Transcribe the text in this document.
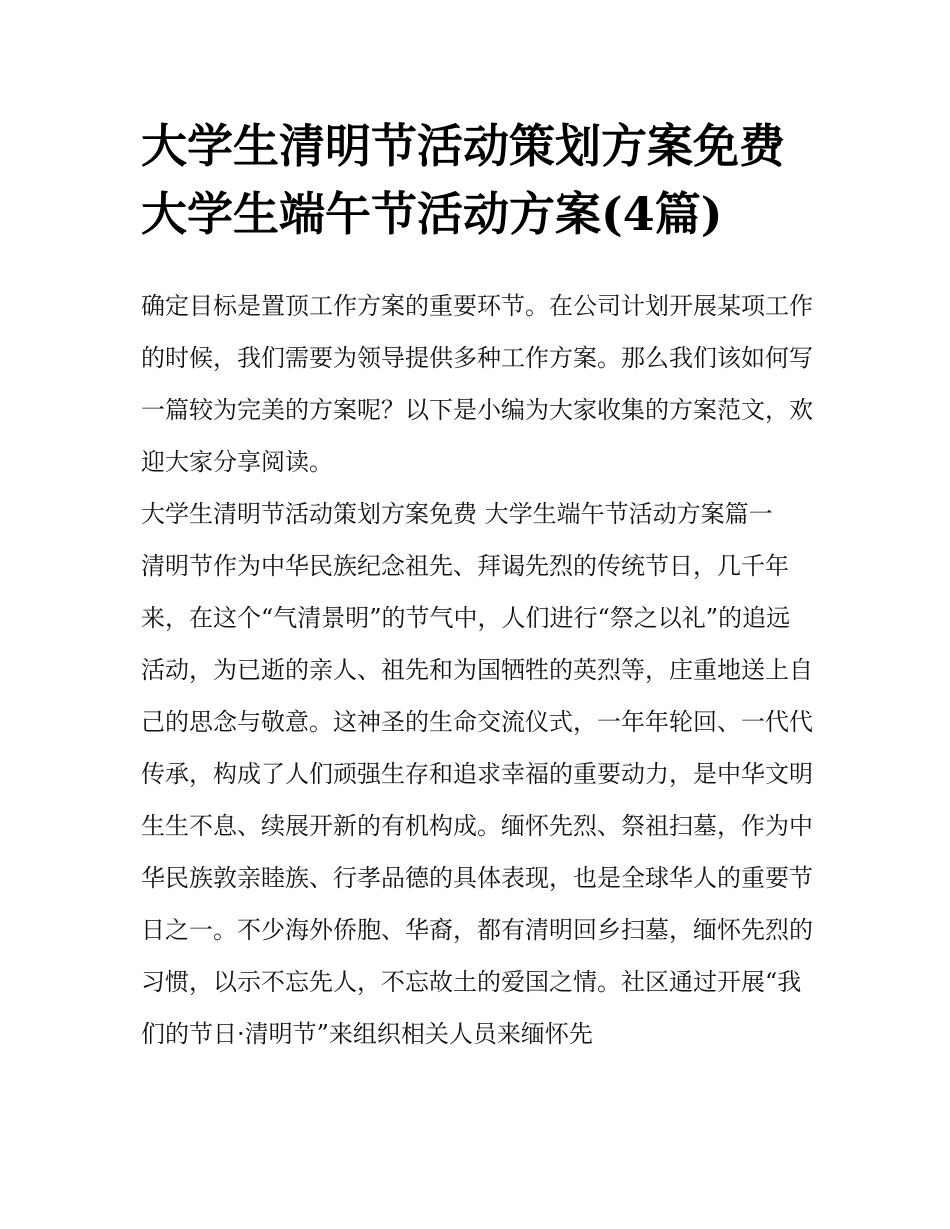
大学生清明节活动策划方案免费 大学生端午节活动方案(4篇)

确定目标是置顶工作方案的重要环节。在公司计划开展某项工作的时候，我们需要为领导提供多种工作方案。那么我们该如何写一篇较为完美的方案呢？以下是小编为大家收集的方案范文，欢迎大家分享阅读。

大学生清明节活动策划方案免费 大学生端午节活动方案篇一

清明节作为中华民族纪念祖先、拜谒先烈的传统节日，几千年来，在这个“气清景明”的节气中，人们进行“祭之以礼”的追远活动，为已逝的亲人、祖先和为国牺牲的英烈等，庄重地送上自己的思念与敬意。这神圣的生命交流仪式，一年年轮回、一代代传承，构成了人们顽强生存和追求幸福的重要动力，是中华文明生生不息、续展开新的有机构成。缅怀先烈、祭祖扫墓，作为中华民族敦亲睦族、行孝品德的具体表现，也是全球华人的重要节日之一。不少海外侨胞、华裔，都有清明回乡扫墓，缅怀先烈的习惯，以示不忘先人，不忘故土的爱国之情。社区通过开展“我们的节日·清明节”来组织相关人员来缅怀先
